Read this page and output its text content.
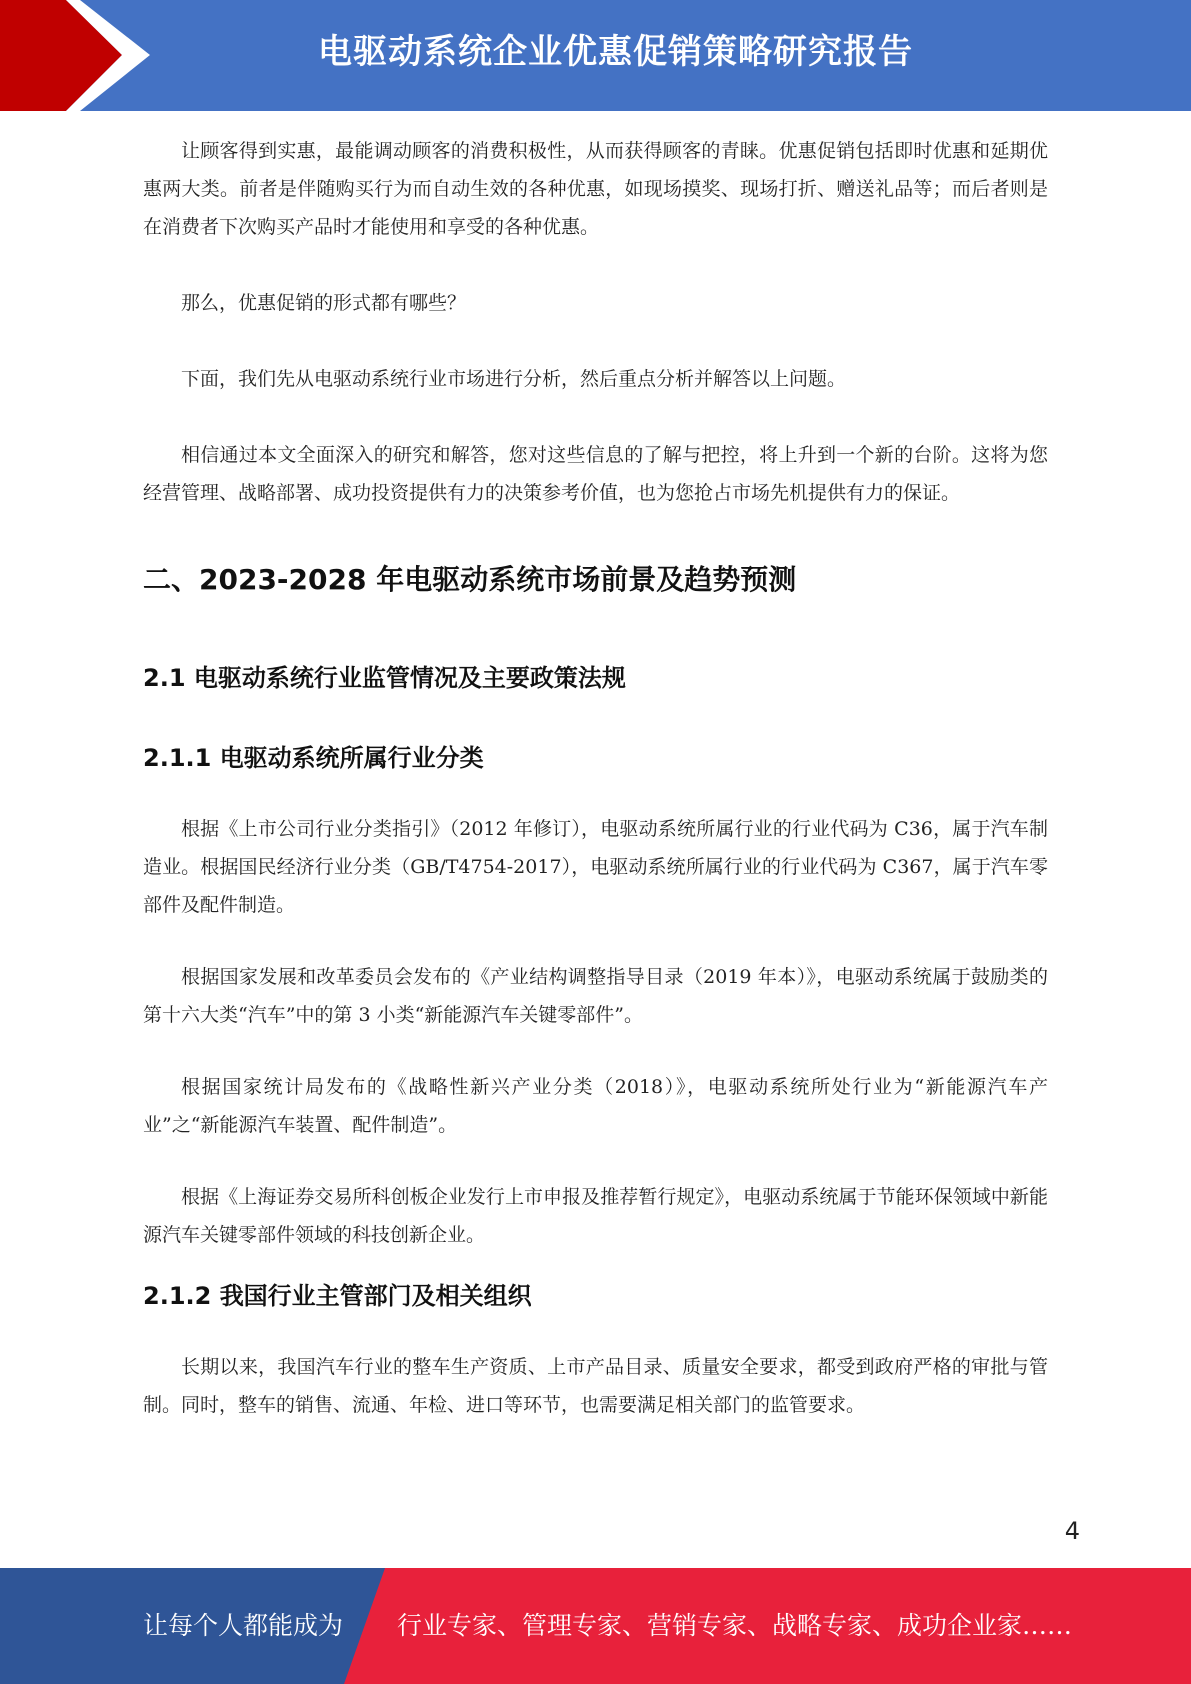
电驱动系统企业优惠促销策略研究报告

让顾客得到实惠，最能调动顾客的消费积极性，从而获得顾客的青睐。优惠促销包括即时优惠和延期优惠两大类。前者是伴随购买行为而自动生效的各种优惠，如现场摸奖、现场打折、赠送礼品等；而后者则是在消费者下次购买产品时才能使用和享受的各种优惠。

那么，优惠促销的形式都有哪些？

下面，我们先从电驱动系统行业市场进行分析，然后重点分析并解答以上问题。

相信通过本文全面深入的研究和解答，您对这些信息的了解与把控，将上升到一个新的台阶。这将为您经营管理、战略部署、成功投资提供有力的决策参考价值，也为您抢占市场先机提供有力的保证。

二、2023-2028 年电驱动系统市场前景及趋势预测
2.1 电驱动系统行业监管情况及主要政策法规
2.1.1 电驱动系统所属行业分类

根据《上市公司行业分类指引》（2012 年修订），电驱动系统所属行业的行业代码为 C36，属于汽车制造业。根据国民经济行业分类（GB/T4754-2017），电驱动系统所属行业的行业代码为 C367，属于汽车零部件及配件制造。

根据国家发展和改革委员会发布的《产业结构调整指导目录（2019 年本）》，电驱动系统属于鼓励类的第十六大类“汽车”中的第 3 小类“新能源汽车关键零部件”。

根据国家统计局发布的《战略性新兴产业分类（2018）》，电驱动系统所处行业为“新能源汽车产业”之“新能源汽车装置、配件制造”。

根据《上海证券交易所科创板企业发行上市申报及推荐暂行规定》，电驱动系统属于节能环保领域中新能源汽车关键零部件领域的科技创新企业。

2.1.2 我国行业主管部门及相关组织

长期以来，我国汽车行业的整车生产资质、上市产品目录、质量安全要求，都受到政府严格的审批与管制。同时，整车的销售、流通、年检、进口等环节，也需要满足相关部门的监管要求。

4
让每个人都能成为 行业专家、管理专家、营销专家、战略专家、成功企业家……
